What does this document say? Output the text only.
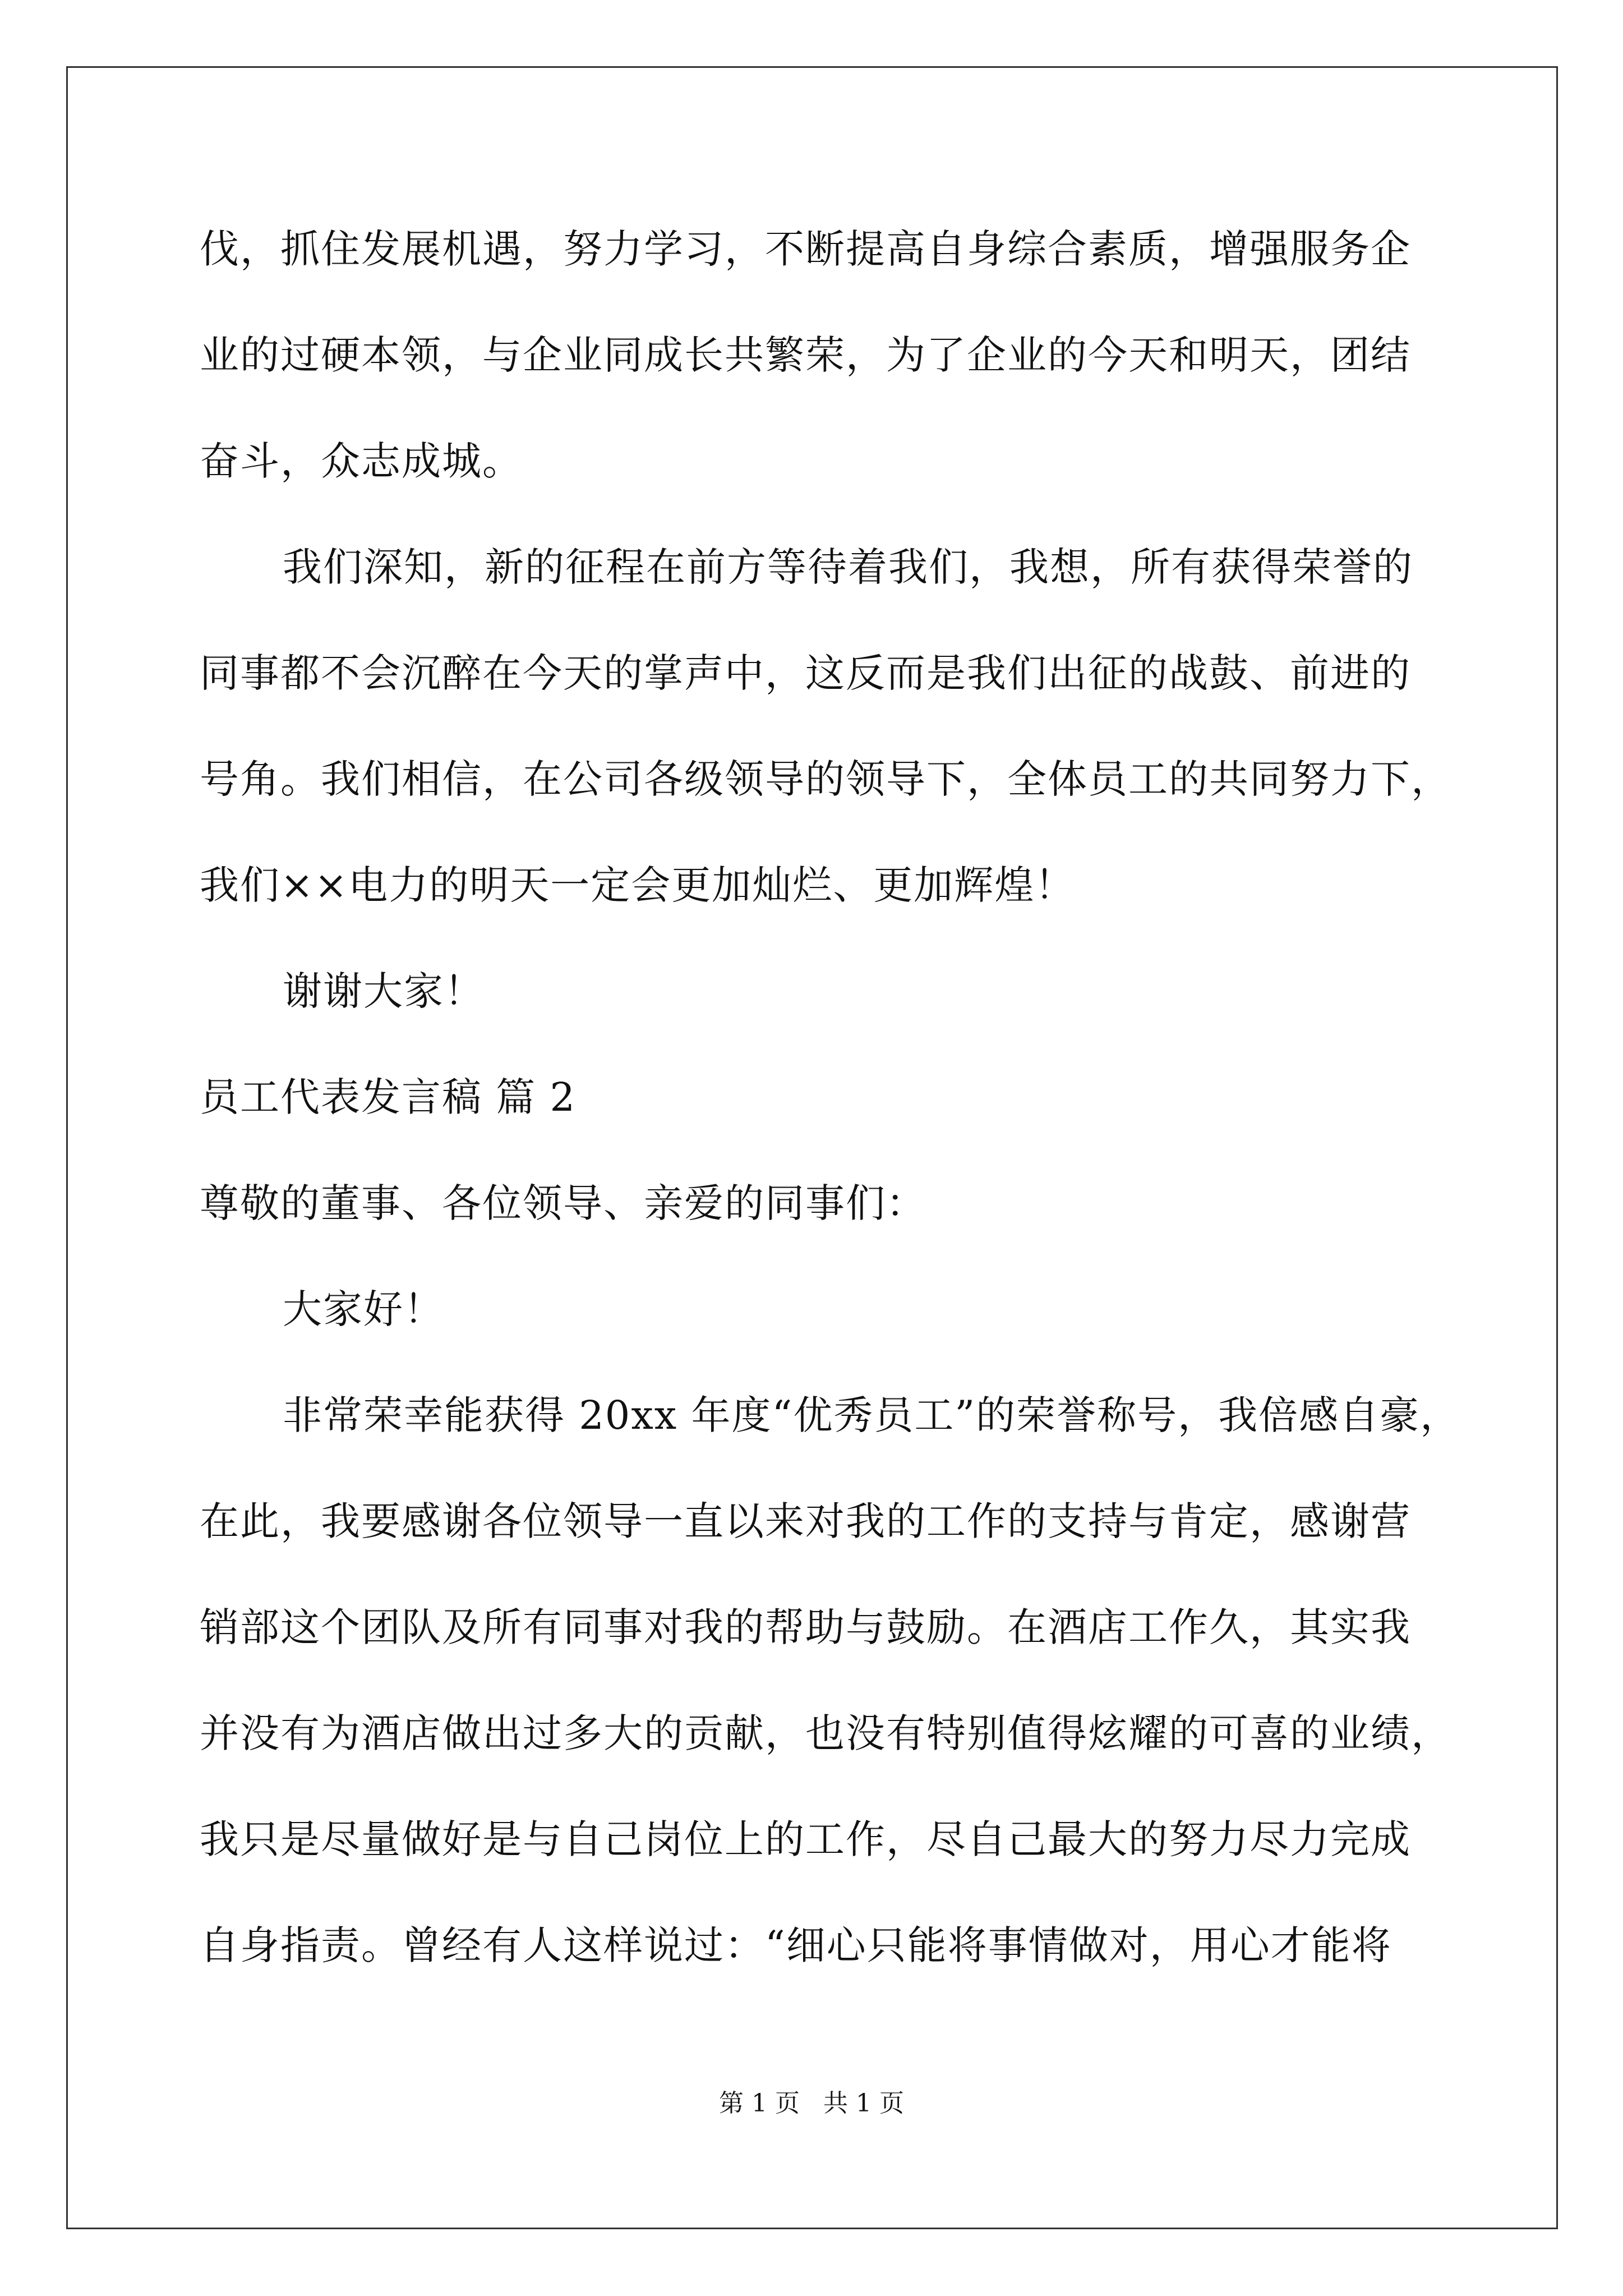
伐，抓住发展机遇，努力学习，不断提高自身综合素质，增强服务企
业的过硬本领，与企业同成长共繁荣，为了企业的今天和明天，团结
奋斗，众志成城。
我们深知，新的征程在前方等待着我们，我想，所有获得荣誉的
同事都不会沉醉在今天的掌声中，这反而是我们出征的战鼓、前进的
号角。我们相信，在公司各级领导的领导下，全体员工的共同努力下，
我们××电力的明天一定会更加灿烂、更加辉煌！
谢谢大家！
员工代表发言稿 篇 2
尊敬的董事、各位领导、亲爱的同事们：
大家好！
非常荣幸能获得 20xx 年度“优秀员工”的荣誉称号，我倍感自豪，
在此，我要感谢各位领导一直以来对我的工作的支持与肯定，感谢营
销部这个团队及所有同事对我的帮助与鼓励。在酒店工作久，其实我
并没有为酒店做出过多大的贡献，也没有特别值得炫耀的可喜的业绩，
我只是尽量做好是与自己岗位上的工作，尽自己最大的努力尽力完成
自身指责。曾经有人这样说过：“细心只能将事情做对，用心才能将
第 1 页   共 1 页
